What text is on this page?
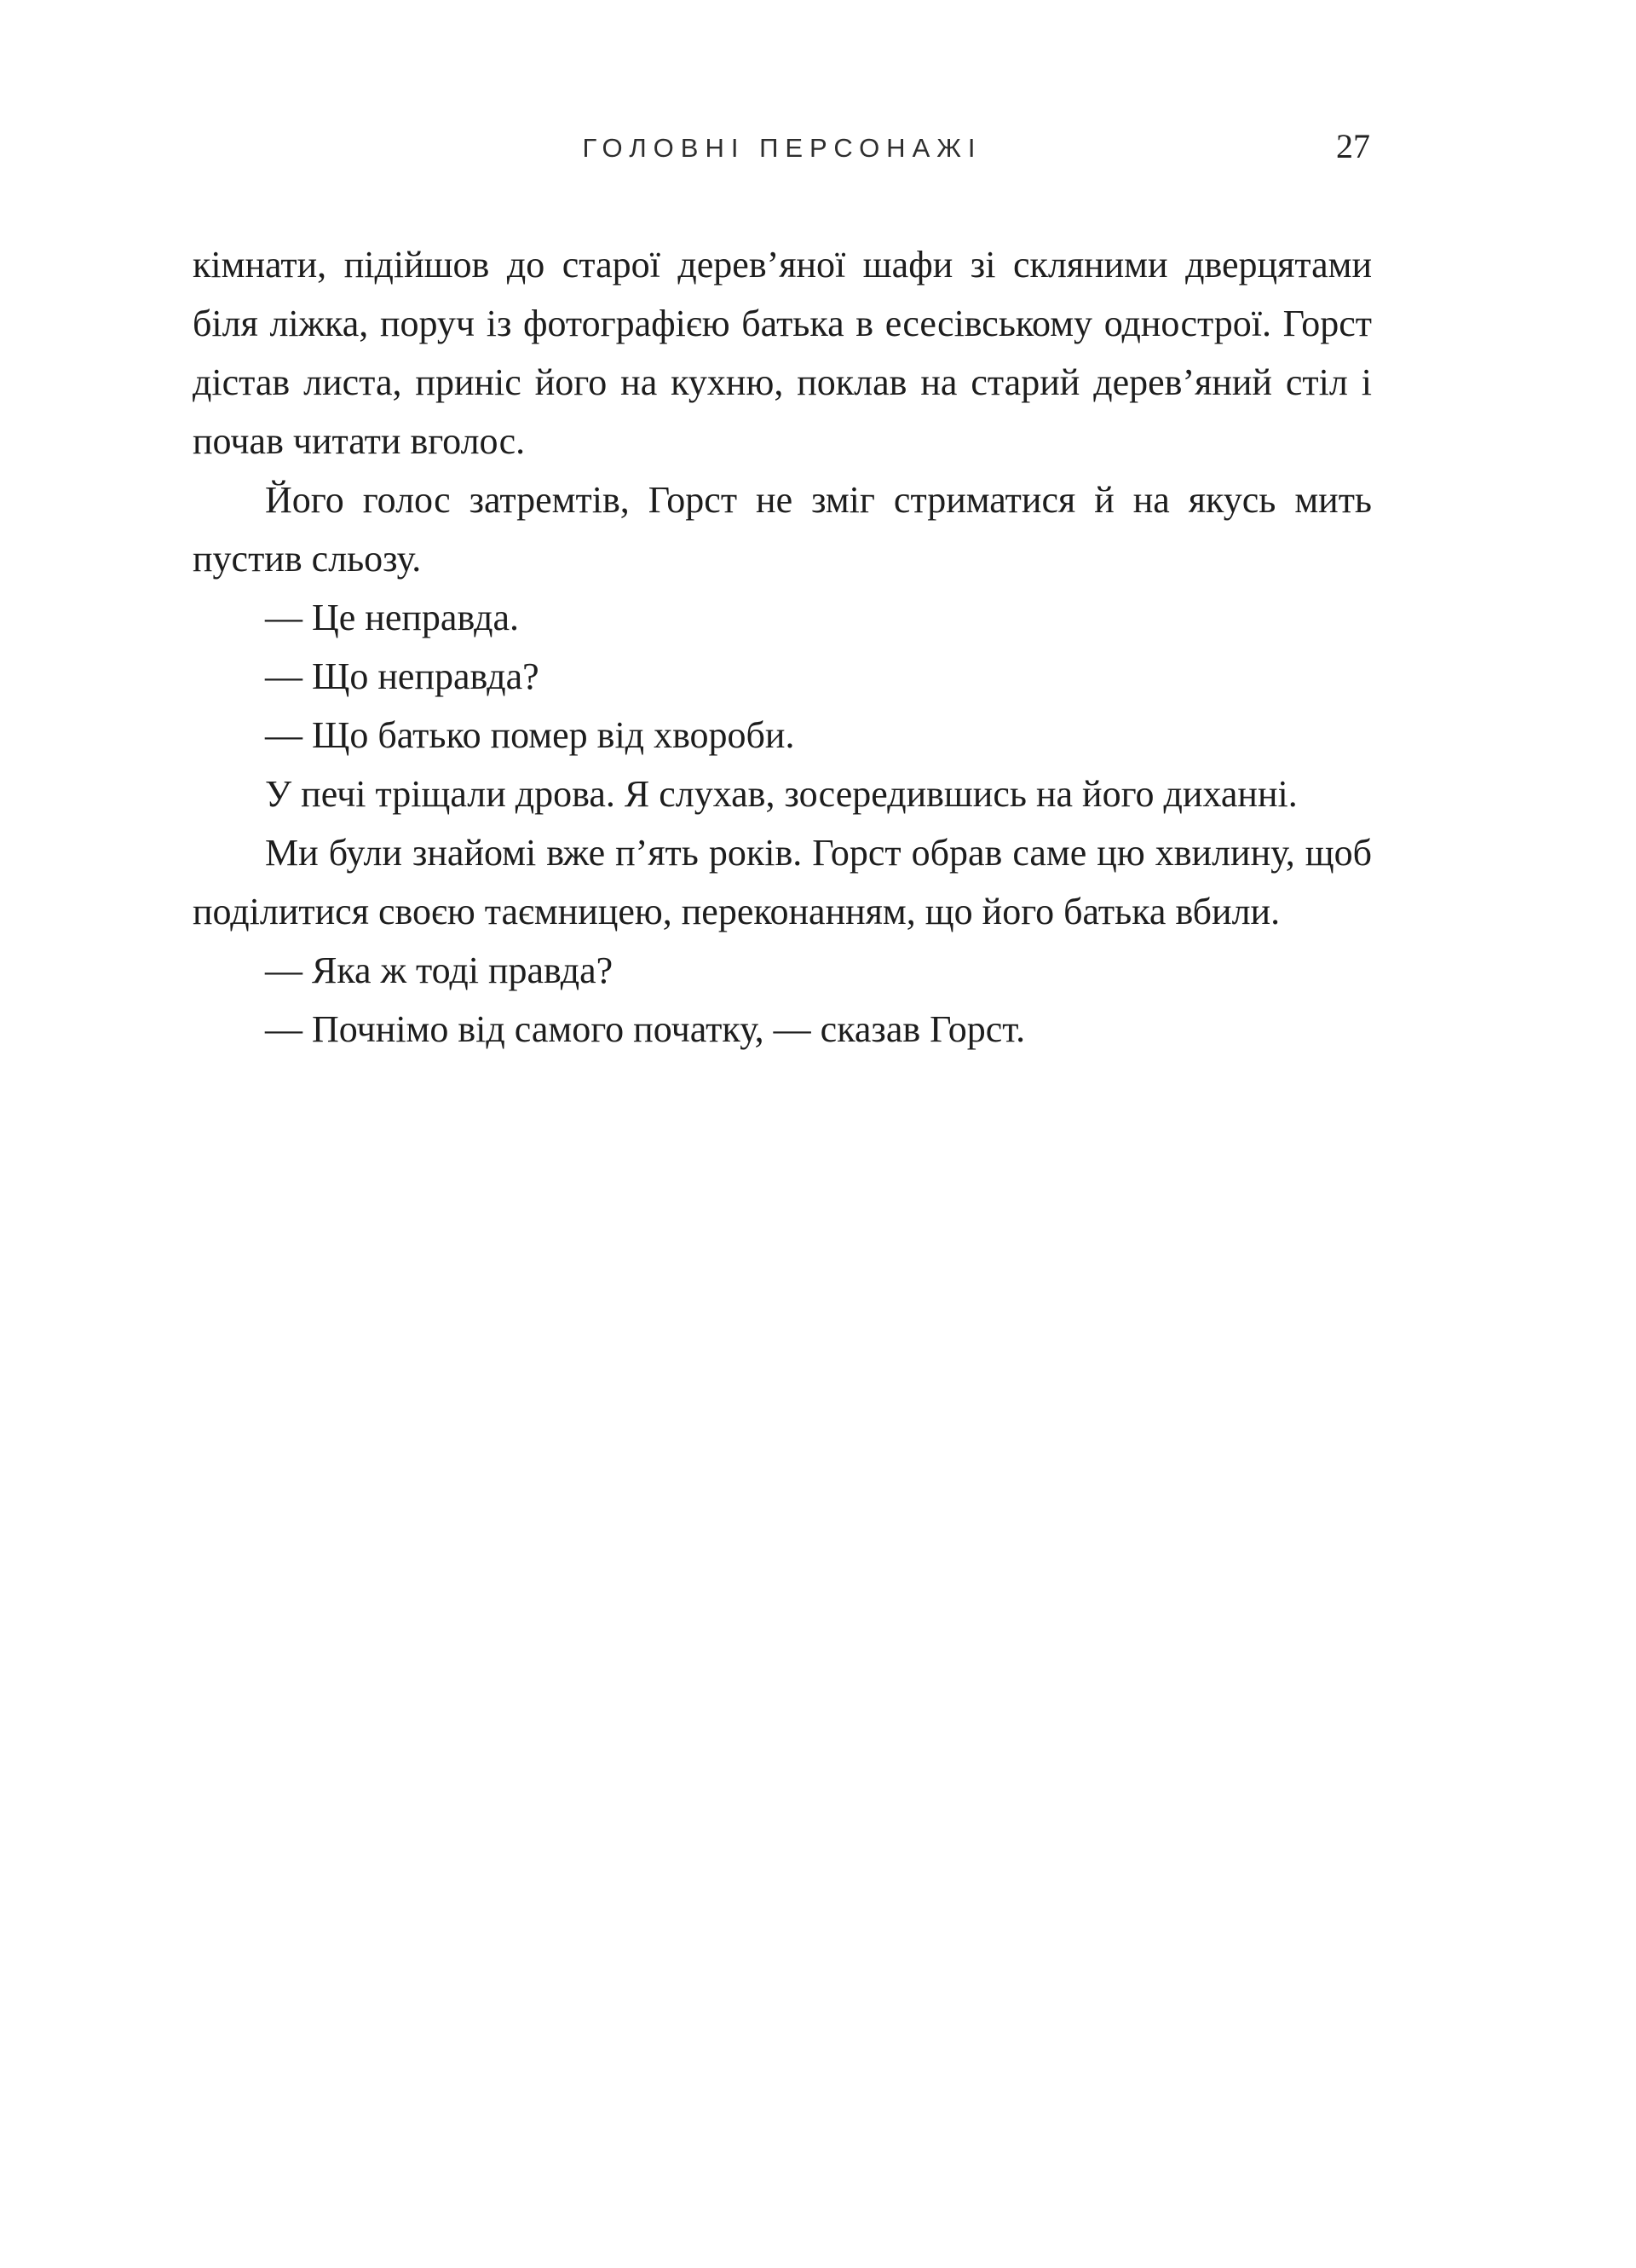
ГОЛОВНІ ПЕРСОНАЖІ	27

кімнати, підійшов до старої дерев’яної шафи зі скляними дверцятами біля ліжка, поруч із фотографією батька в есесівському однострої. Горст дістав листа, приніс його на кухню, поклав на старий дерев’яний стіл і почав читати вголос.

Його голос затремтів, Горст не зміг стриматися й на якусь мить пустив сльозу.

— Це неправда.

— Що неправда?

— Що батько помер від хвороби.

У печі тріщали дрова. Я слухав, зосередившись на його диханні.

Ми були знайомі вже п’ять років. Горст обрав саме цю хвилину, щоб поділитися своєю таємницею, переконанням, що його батька вбили.

— Яка ж тоді правда?

— Почнімо від самого початку, — сказав Горст.
